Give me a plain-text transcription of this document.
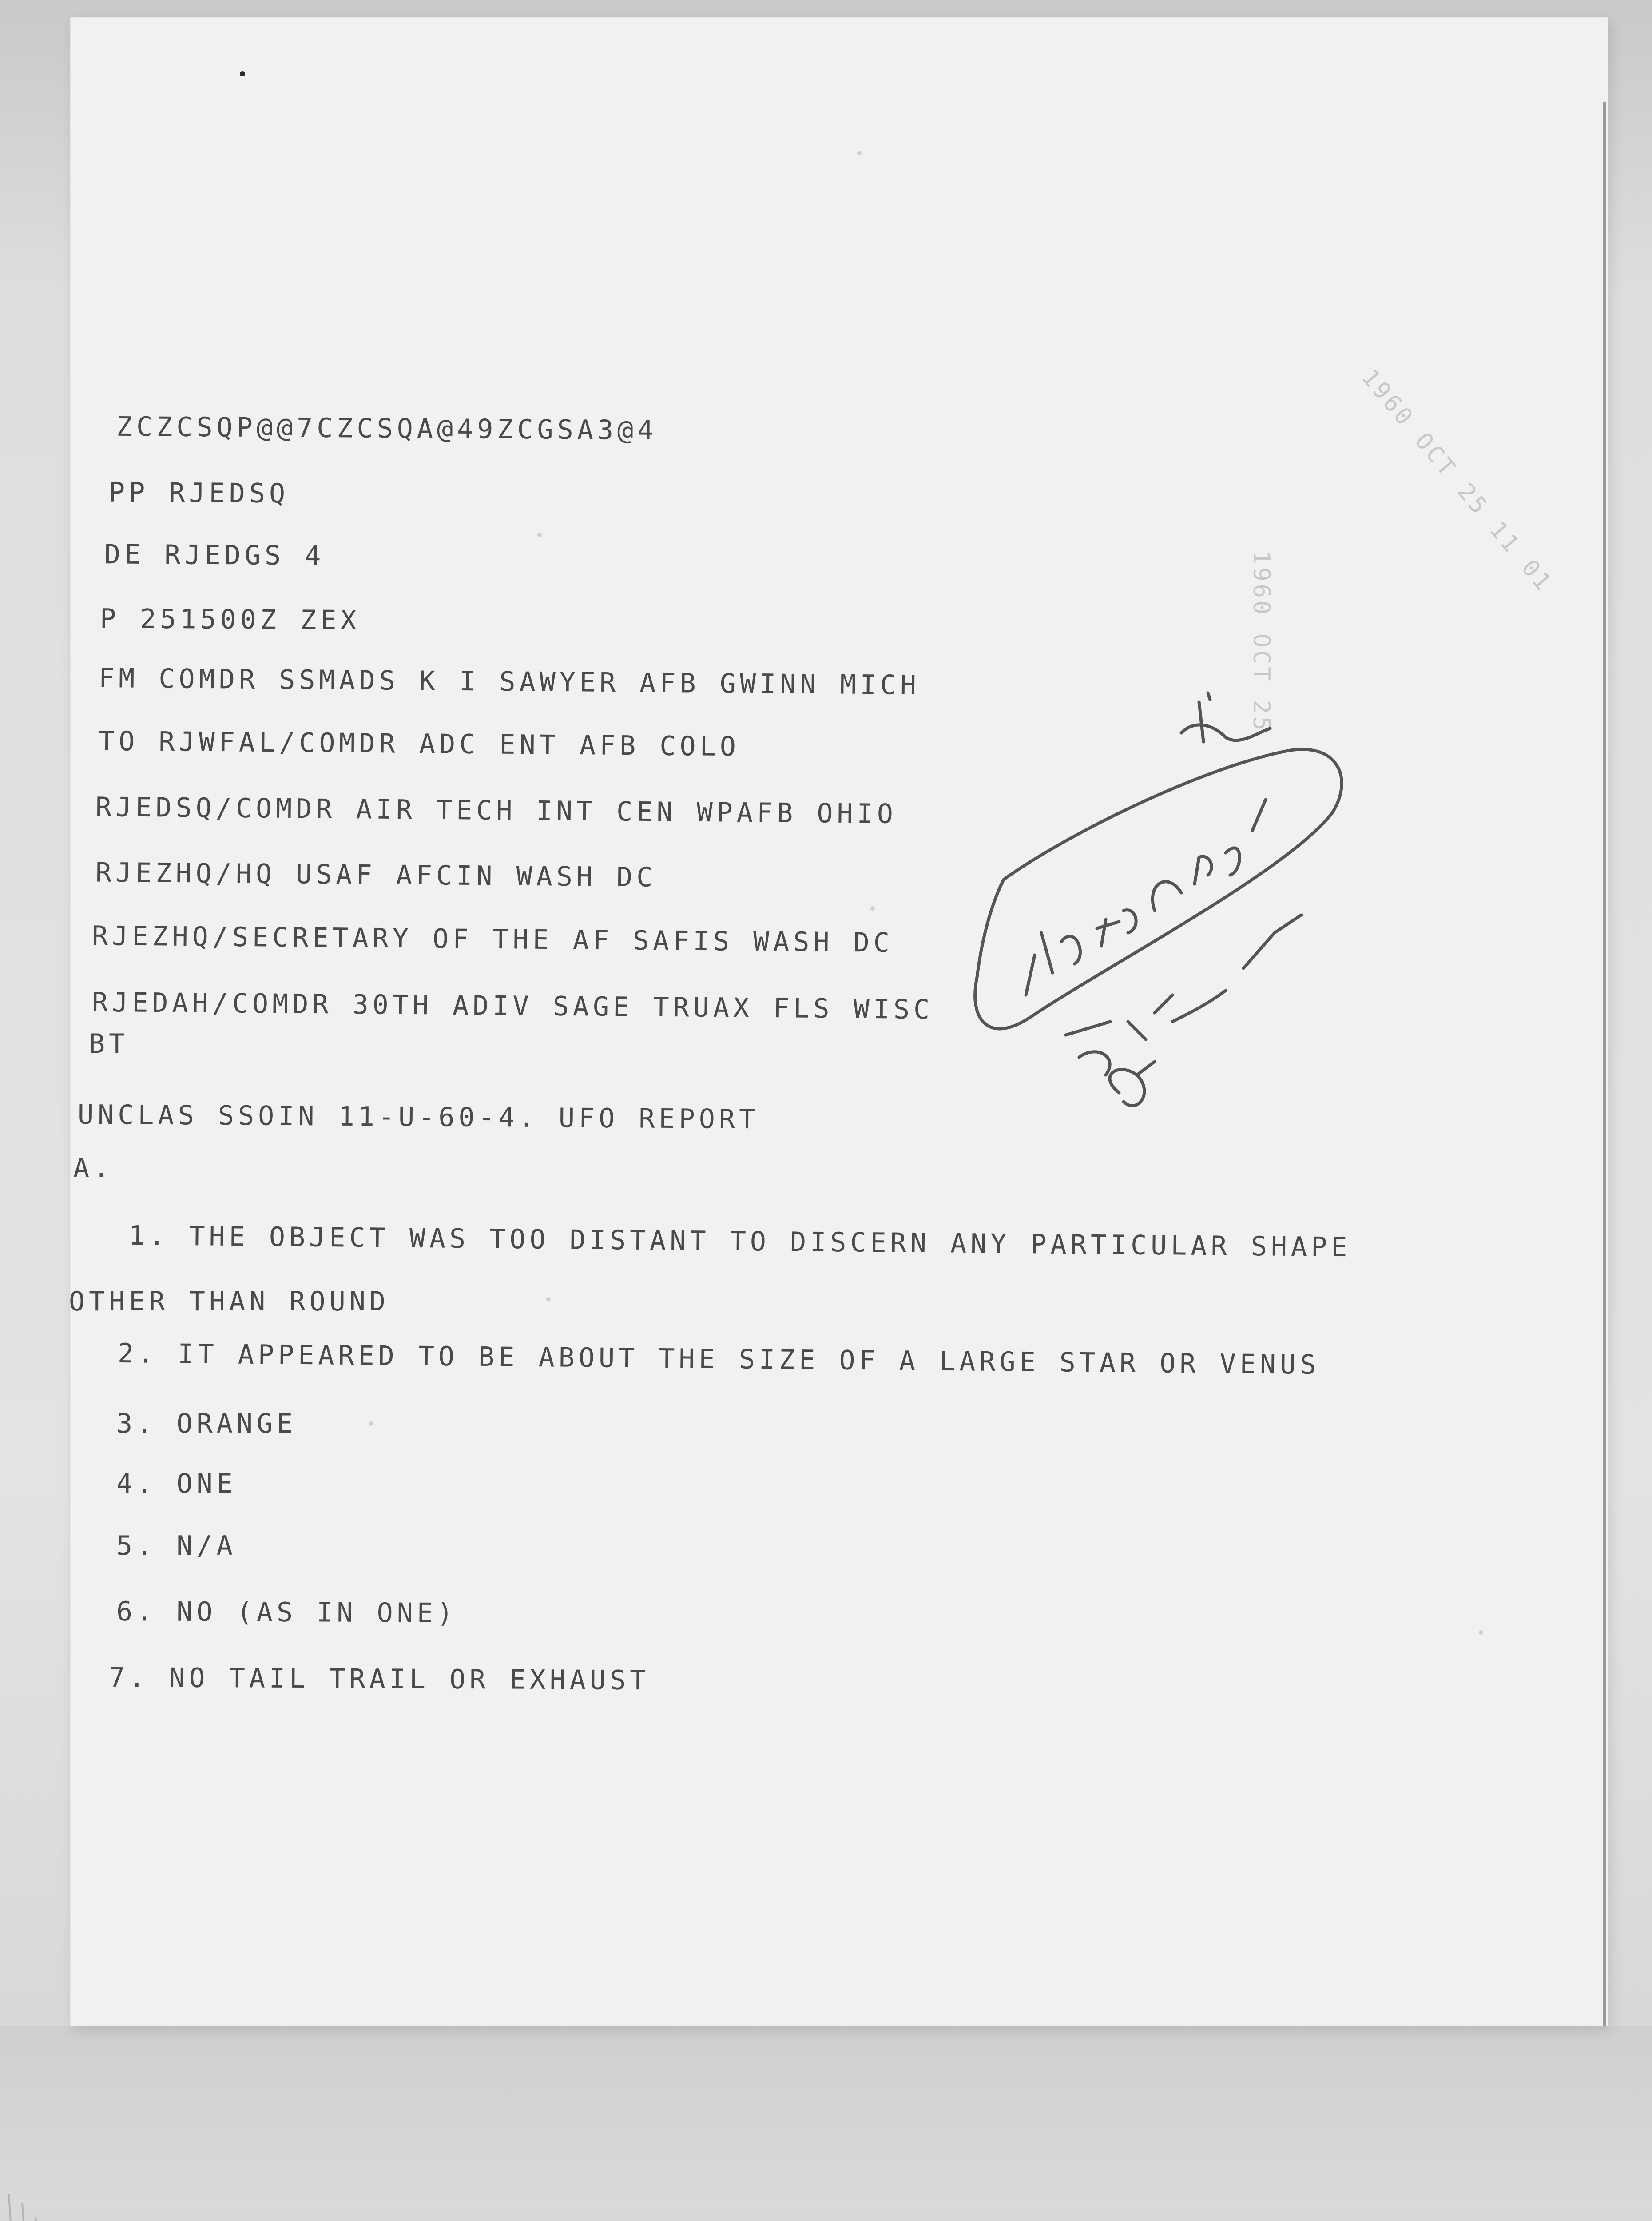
ZCZCSQP@@7CZCSQA@49ZCGSA3@4
PP RJEDSQ
DE RJEDGS 4
P 251500Z ZEX
FM COMDR SSMADS K I SAWYER AFB GWINN MICH
TO RJWFAL/COMDR ADC ENT AFB COLO
RJEDSQ/COMDR AIR TECH INT CEN WPAFB OHIO
RJEZHQ/HQ USAF AFCIN WASH DC
RJEZHQ/SECRETARY OF THE AF SAFIS WASH DC
RJEDAH/COMDR 30TH ADIV SAGE TRUAX FLS WISC
BT
UNCLAS SSOIN 11-U-60-4. UFO REPORT
A.
1. THE OBJECT WAS TOO DISTANT TO DISCERN ANY PARTICULAR SHAPE
OTHER THAN ROUND
2. IT APPEARED TO BE ABOUT THE SIZE OF A LARGE STAR OR VENUS
3. ORANGE
4. ONE
5. N/A
6. NO (AS IN ONE)
7. NO TAIL TRAIL OR EXHAUST
1960 OCT 25 11 01
1960 OCT 25
